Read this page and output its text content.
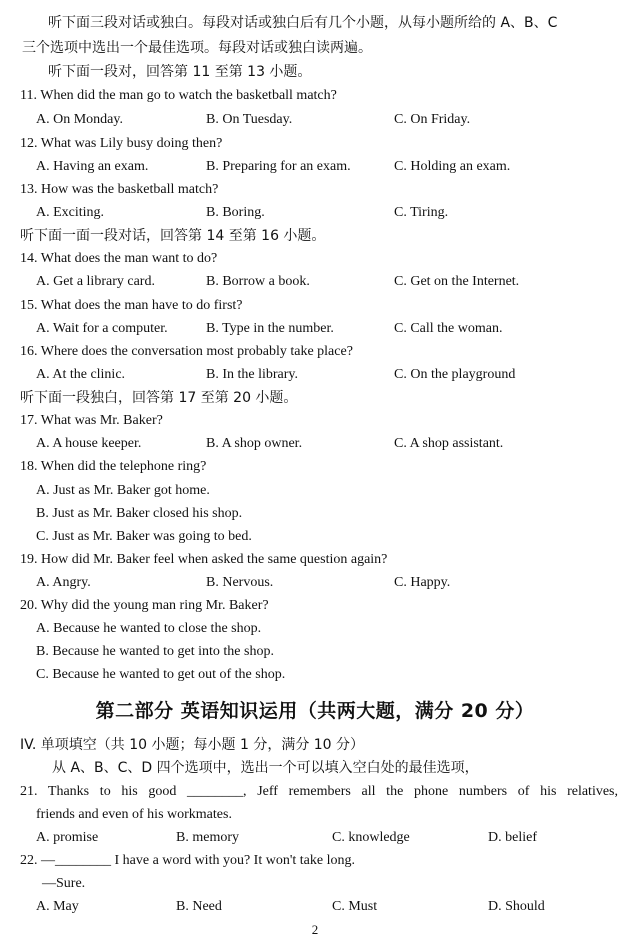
听下面三段对话或独白。每段对话或独白后有几个小题，从每小题所给的 A、B、C
三个选项中选出一个最佳选项。每段对话或独白读两遍。
听下面一段对，回答第 11 至第 13 小题。
11. When did the man go to watch the basketball match?
A. On Monday.	B. On Tuesday.	C. On Friday.
12. What was Lily busy doing then?
A. Having an exam.	B. Preparing for an exam.	C. Holding an exam.
13. How was the basketball match?
A. Exciting.	B. Boring.	C. Tiring.
听下面一面一段对话，回答第 14 至第 16 小题。
14. What does the man want to do?
A. Get a library card.	B. Borrow a book.	C. Get on the Internet.
15. What does the man have to do first?
A. Wait for a computer.	B. Type in the number.	C. Call the woman.
16. Where does the conversation most probably take place?
A. At the clinic.	B. In the library.	C. On the playground
听下面一段独白，回答第 17 至第 20 小题。
17. What was Mr. Baker?
A. A house keeper.	B. A shop owner.	C. A shop assistant.
18. When did the telephone ring?
A. Just as Mr. Baker got home.
B. Just as Mr. Baker closed his shop.
C. Just as Mr. Baker was going to bed.
19. How did Mr. Baker feel when asked the same question again?
A. Angry.	B. Nervous.	C. Happy.
20. Why did the young man ring Mr. Baker?
A. Because he wanted to close the shop.
B. Because he wanted to get into the shop.
C. Because he wanted to get out of the shop.
第二部分 英语知识运用（共两大题，满分 20 分）
IV. 单项填空（共 10 小题；每小题 1 分，满分 10 分）
从 A、B、C、D 四个选项中，选出一个可以填入空白处的最佳选项，
21. Thanks to his good ________, Jeff remembers all the phone numbers of his relatives,
friends and even of his workmates.
A. promise	B. memory	C. knowledge	D. belief
22. —________ I have a word with you? It won't take long.
—Sure.
A. May	B. Need	C. Must	D. Should
2
